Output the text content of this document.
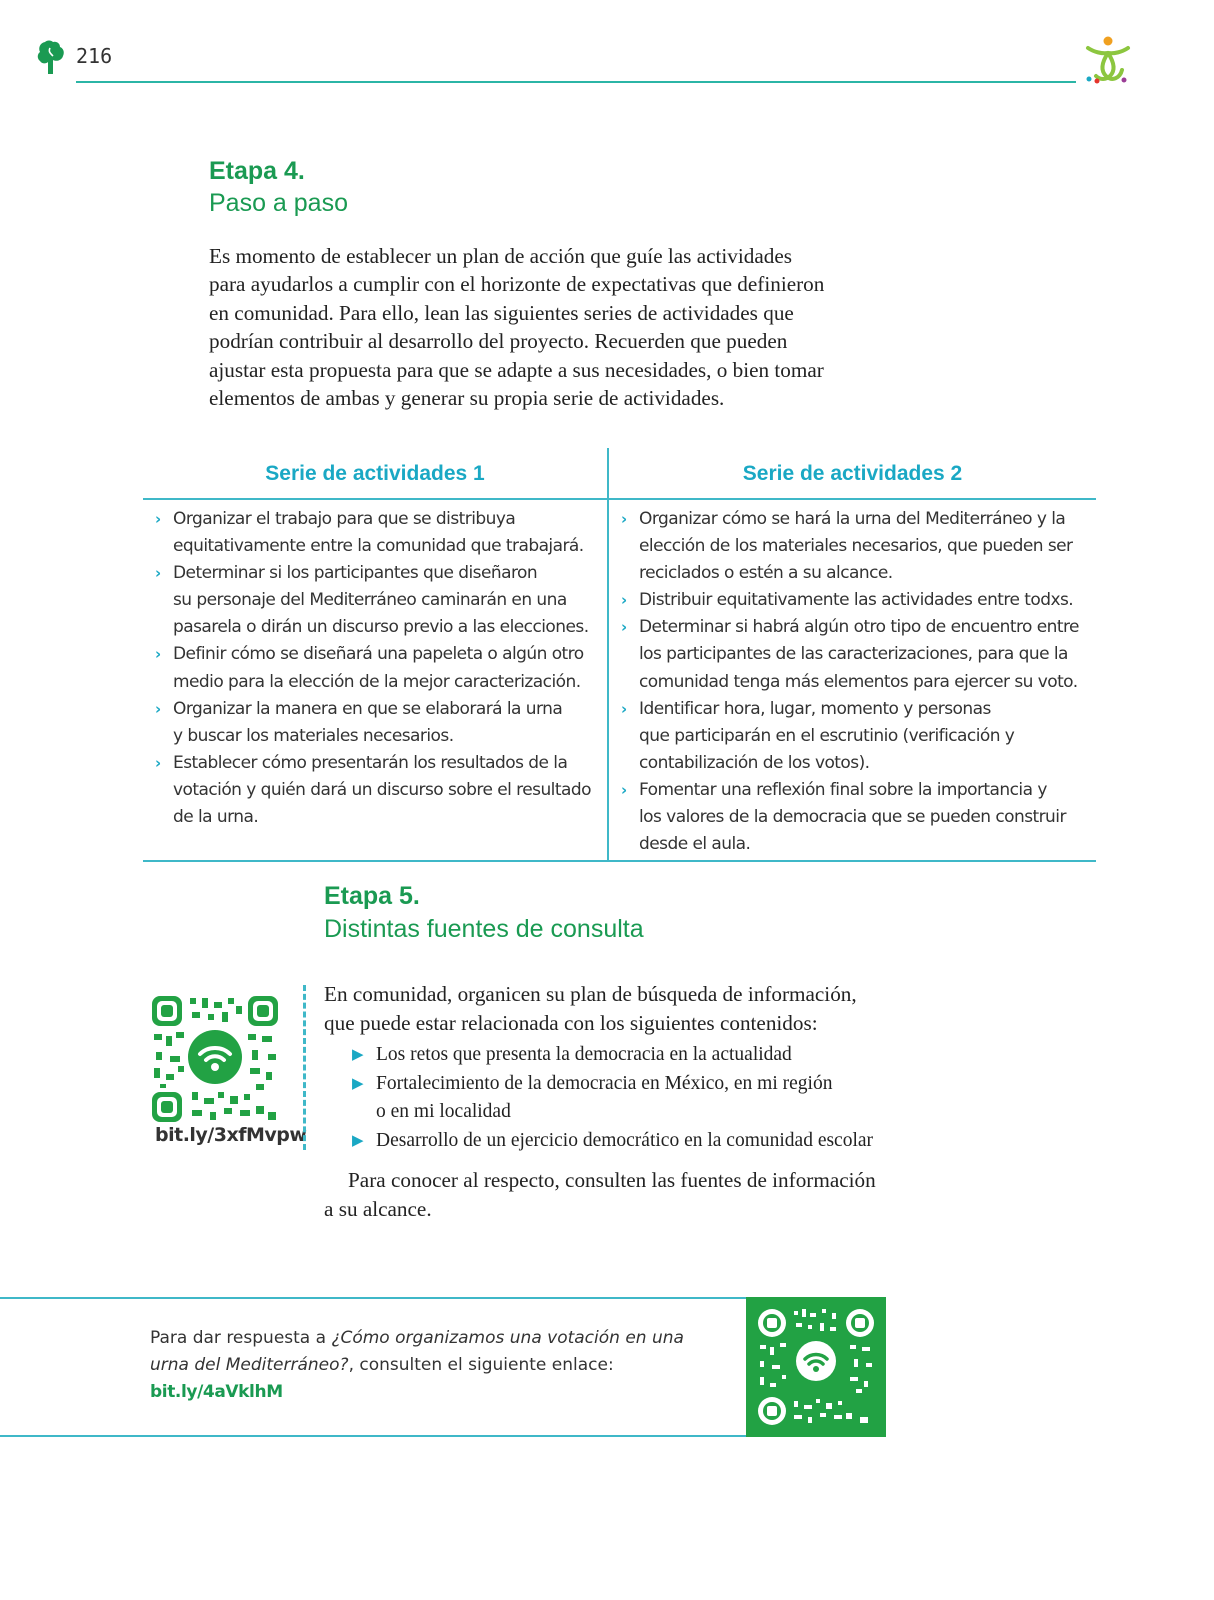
216
Etapa 4.
Paso a paso
Es momento de establecer un plan de acción que guíe las actividades
para ayudarlos a cumplir con el horizonte de expectativas que definieron
en comunidad. Para ello, lean las siguientes series de actividades que
podrían contribuir al desarrollo del proyecto. Recuerden que pueden
ajustar esta propuesta para que se adapte a sus necesidades, o bien tomar
elementos de ambas y generar su propia serie de actividades.
Serie de actividades 1	Serie de actividades 2
› Organizar el trabajo para que se distribuya
equitativamente entre la comunidad que trabajará.
› Determinar si los participantes que diseñaron
su personaje del Mediterráneo caminarán en una
pasarela o dirán un discurso previo a las elecciones.
› Definir cómo se diseñará una papeleta o algún otro
medio para la elección de la mejor caracterización.
› Organizar la manera en que se elaborará la urna
y buscar los materiales necesarios.
› Establecer cómo presentarán los resultados de la
votación y quién dará un discurso sobre el resultado
de la urna.
› Organizar cómo se hará la urna del Mediterráneo y la
elección de los materiales necesarios, que pueden ser
reciclados o estén a su alcance.
› Distribuir equitativamente las actividades entre todxs.
› Determinar si habrá algún otro tipo de encuentro entre
los participantes de las caracterizaciones, para que la
comunidad tenga más elementos para ejercer su voto.
› Identificar hora, lugar, momento y personas
que participarán en el escrutinio (verificación y
contabilización de los votos).
› Fomentar una reflexión final sobre la importancia y
los valores de la democracia que se pueden construir
desde el aula.
Etapa 5.
Distintas fuentes de consulta
bit.ly/3xfMvpw
En comunidad, organicen su plan de búsqueda de información,
que puede estar relacionada con los siguientes contenidos:
▶ Los retos que presenta la democracia en la actualidad
▶ Fortalecimiento de la democracia en México, en mi región
o en mi localidad
▶ Desarrollo de un ejercicio democrático en la comunidad escolar
Para conocer al respecto, consulten las fuentes de información
a su alcance.
Para dar respuesta a ¿Cómo organizamos una votación en una
urna del Mediterráneo?, consulten el siguiente enlace:
bit.ly/4aVklhM
